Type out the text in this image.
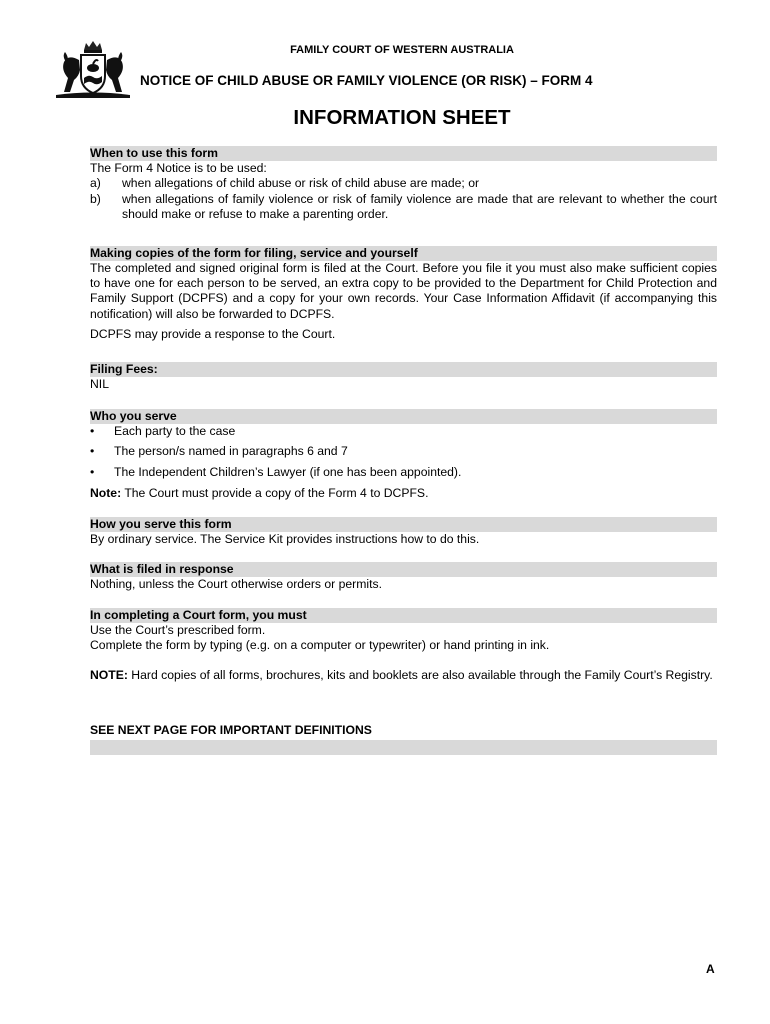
FAMILY COURT OF WESTERN AUSTRALIA
NOTICE OF CHILD ABUSE OR FAMILY VIOLENCE (OR RISK) – FORM 4
INFORMATION SHEET
When to use this form

The Form 4 Notice is to be used:

a) when allegations of child abuse or risk of child abuse are made; or
b) when allegations of family violence or risk of family violence are made that are relevant to whether the court should make or refuse to make a parenting order.
Making copies of the form for filing, service and yourself

The completed and signed original form is filed at the Court. Before you file it you must also make sufficient copies to have one for each person to be served, an extra copy to be provided to the Department for Child Protection and Family Support (DCPFS) and a copy for your own records. Your Case Information Affidavit (if accompanying this notification) will also be forwarded to DCPFS.

DCPFS may provide a response to the Court.

Filing Fees:

NIL

Who you serve
• Each party to the case
• The person/s named in paragraphs 6 and 7
• The Independent Children’s Lawyer (if one has been appointed).

Note: The Court must provide a copy of the Form 4 to DCPFS.

How you serve this form

By ordinary service. The Service Kit provides instructions how to do this.

What is filed in response

Nothing, unless the Court otherwise orders or permits.

In completing a Court form, you must

Use the Court’s prescribed form.

Complete the form by typing (e.g. on a computer or typewriter) or hand printing in ink.

NOTE: Hard copies of all forms, brochures, kits and booklets are also available through the Family Court’s Registry.

SEE NEXT PAGE FOR IMPORTANT DEFINITIONS
A
